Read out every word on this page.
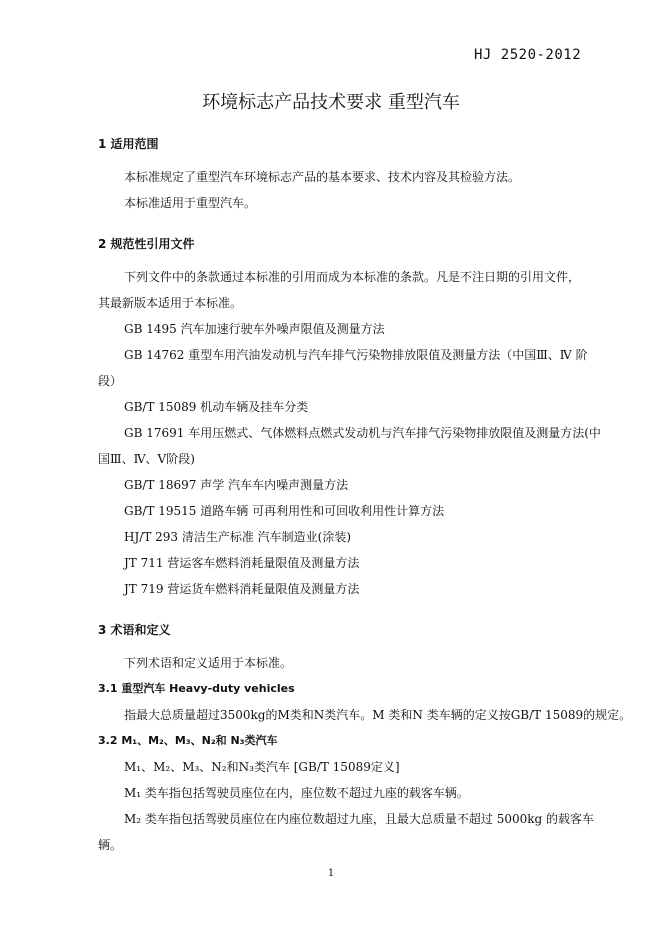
HJ 2520-2012
环境标志产品技术要求 重型汽车
1 适用范围
本标准规定了重型汽车环境标志产品的基本要求、技术内容及其检验方法。
本标准适用于重型汽车。
2 规范性引用文件
下列文件中的条款通过本标准的引用而成为本标准的条款。凡是不注日期的引用文件，
其最新版本适用于本标准。
GB 1495 汽车加速行驶车外噪声限值及测量方法
GB 14762 重型车用汽油发动机与汽车排气污染物排放限值及测量方法（中国Ⅲ、Ⅳ 阶
段）
GB/T 15089 机动车辆及挂车分类
GB 17691 车用压燃式、气体燃料点燃式发动机与汽车排气污染物排放限值及测量方法(中
国Ⅲ、Ⅳ、Ⅴ阶段)
GB/T 18697 声学 汽车车内噪声测量方法
GB/T 19515 道路车辆 可再利用性和可回收利用性计算方法
HJ/T 293 清洁生产标准 汽车制造业(涂装)
JT 711 营运客车燃料消耗量限值及测量方法
JT 719 营运货车燃料消耗量限值及测量方法
3 术语和定义
下列术语和定义适用于本标准。
3.1 重型汽车 Heavy-duty vehicles
指最大总质量超过3500kg的M类和N类汽车。M 类和N 类车辆的定义按GB/T 15089的规定。
3.2 M₁、M₂、M₃、N₂和 N₃类汽车
M₁、M₂、M₃、N₂和N₃类汽车 [GB/T 15089定义]
M₁ 类车指包括驾驶员座位在内，座位数不超过九座的载客车辆。
M₂ 类车指包括驾驶员座位在内座位数超过九座，且最大总质量不超过 5000kg 的载客车
辆。
1
